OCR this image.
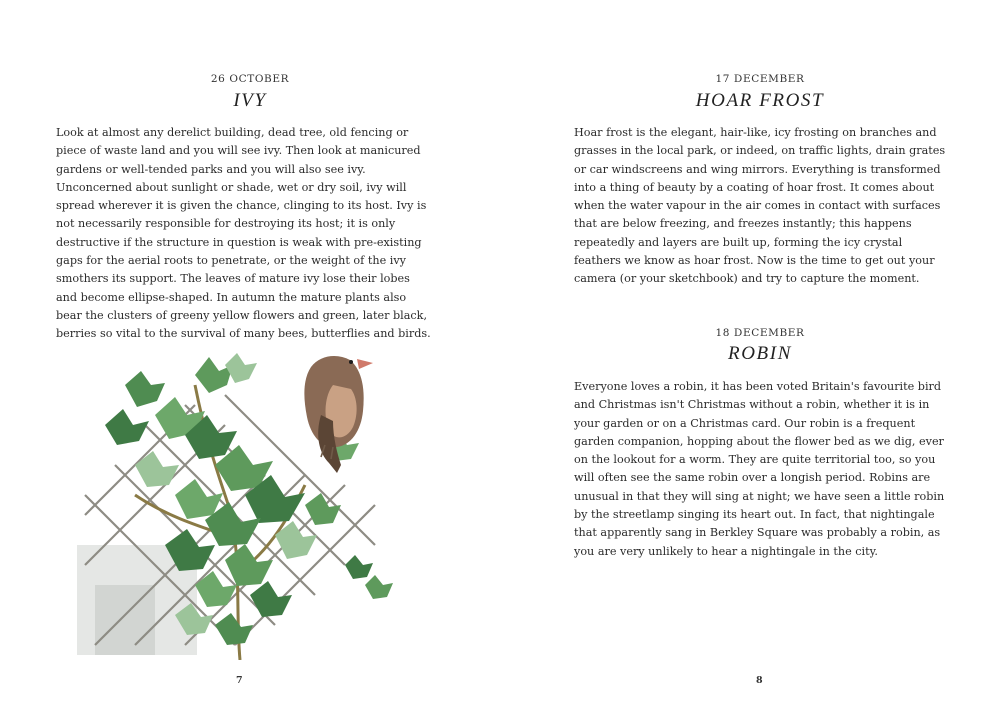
26 OCTOBER
IVY

Look at almost any derelict building, dead tree, old fencing or piece of waste land and you will see ivy. Then look at manicured gardens or well-tended parks and you will also see ivy. Unconcerned about sunlight or shade, wet or dry soil, ivy will spread wherever it is given the chance, clinging to its host. Ivy is not necessarily responsible for destroying its host; it is only destructive if the structure in question is weak with pre-existing gaps for the aerial roots to penetrate, or the weight of the ivy smothers its support. The leaves of mature ivy lose their lobes and become ellipse-shaped. In autumn the mature plants also bear the clusters of greeny yellow flowers and green, later black, berries so vital to the survival of many bees, butterflies and birds.

7
17 DECEMBER
HOAR FROST
18 DECEMBER
ROBIN
8

Hoar frost is the elegant, hair-like, icy frosting on branches and grasses in the local park, or indeed, on traffic lights, drain grates or car windscreens and wing mirrors. Everything is transformed into a thing of beauty by a coating of hoar frost. It comes about when the water vapour in the air comes in contact with surfaces that are below freezing, and freezes instantly; this happens repeatedly and layers are built up, forming the icy crystal feathers we know as hoar frost. Now is the time to get out your camera (or your sketchbook) and try to capture the moment.

Everyone loves a robin, it has been voted Britain's favourite bird and Christmas isn't Christmas without a robin, whether it is in your garden or on a Christmas card. Our robin is a frequent garden companion, hopping about the flower bed as we dig, ever on the lookout for a worm. They are quite territorial too, so you will often see the same robin over a longish period. Robins are unusual in that they will sing at night; we have seen a little robin by the streetlamp singing its heart out. In fact, that nightingale that apparently sang in Berkley Square was probably a robin, as you are very unlikely to hear a nightingale in the city.
